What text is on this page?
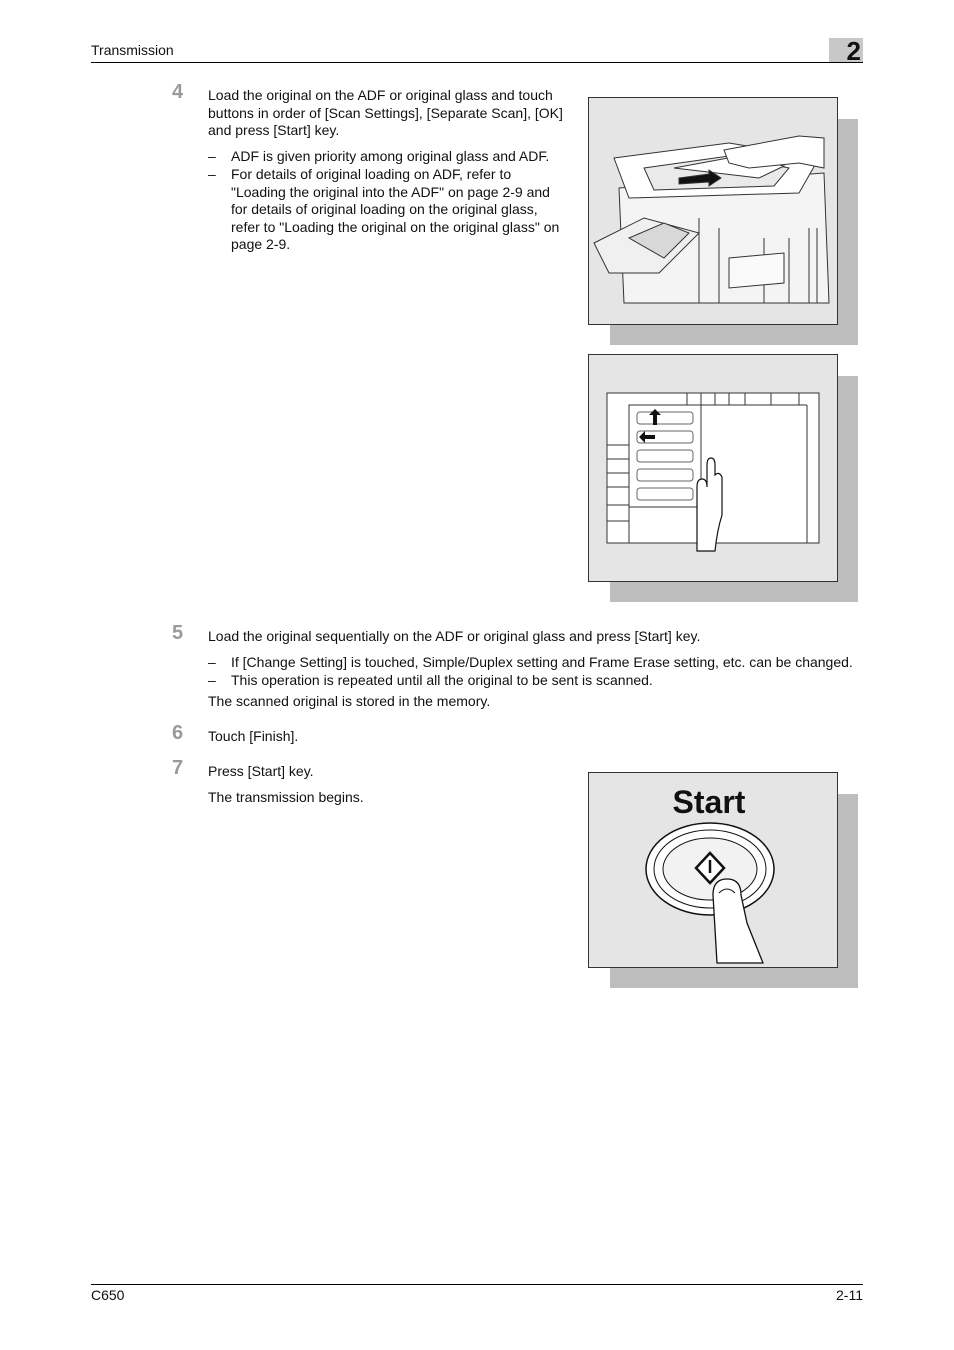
Transmission	2
4 Load the original on the ADF or original glass and touch
buttons in order of [Scan Settings], [Separate Scan], [OK]
and press [Start] key.
– ADF is given priority among original glass and ADF.
– For details of original loading on ADF, refer to
"Loading the original into the ADF" on page 2-9 and
for details of original loading on the original glass,
refer to "Loading the original on the original glass" on
page 2-9.
5 Load the original sequentially on the ADF or original glass and press [Start] key.
– If [Change Setting] is touched, Simple/Duplex setting and Frame Erase setting, etc. can be changed.
– This operation is repeated until all the original to be sent is scanned.
The scanned original is stored in the memory.
6 Touch [Finish].
7 Press [Start] key.
The transmission begins.	Start
C650	2-11
